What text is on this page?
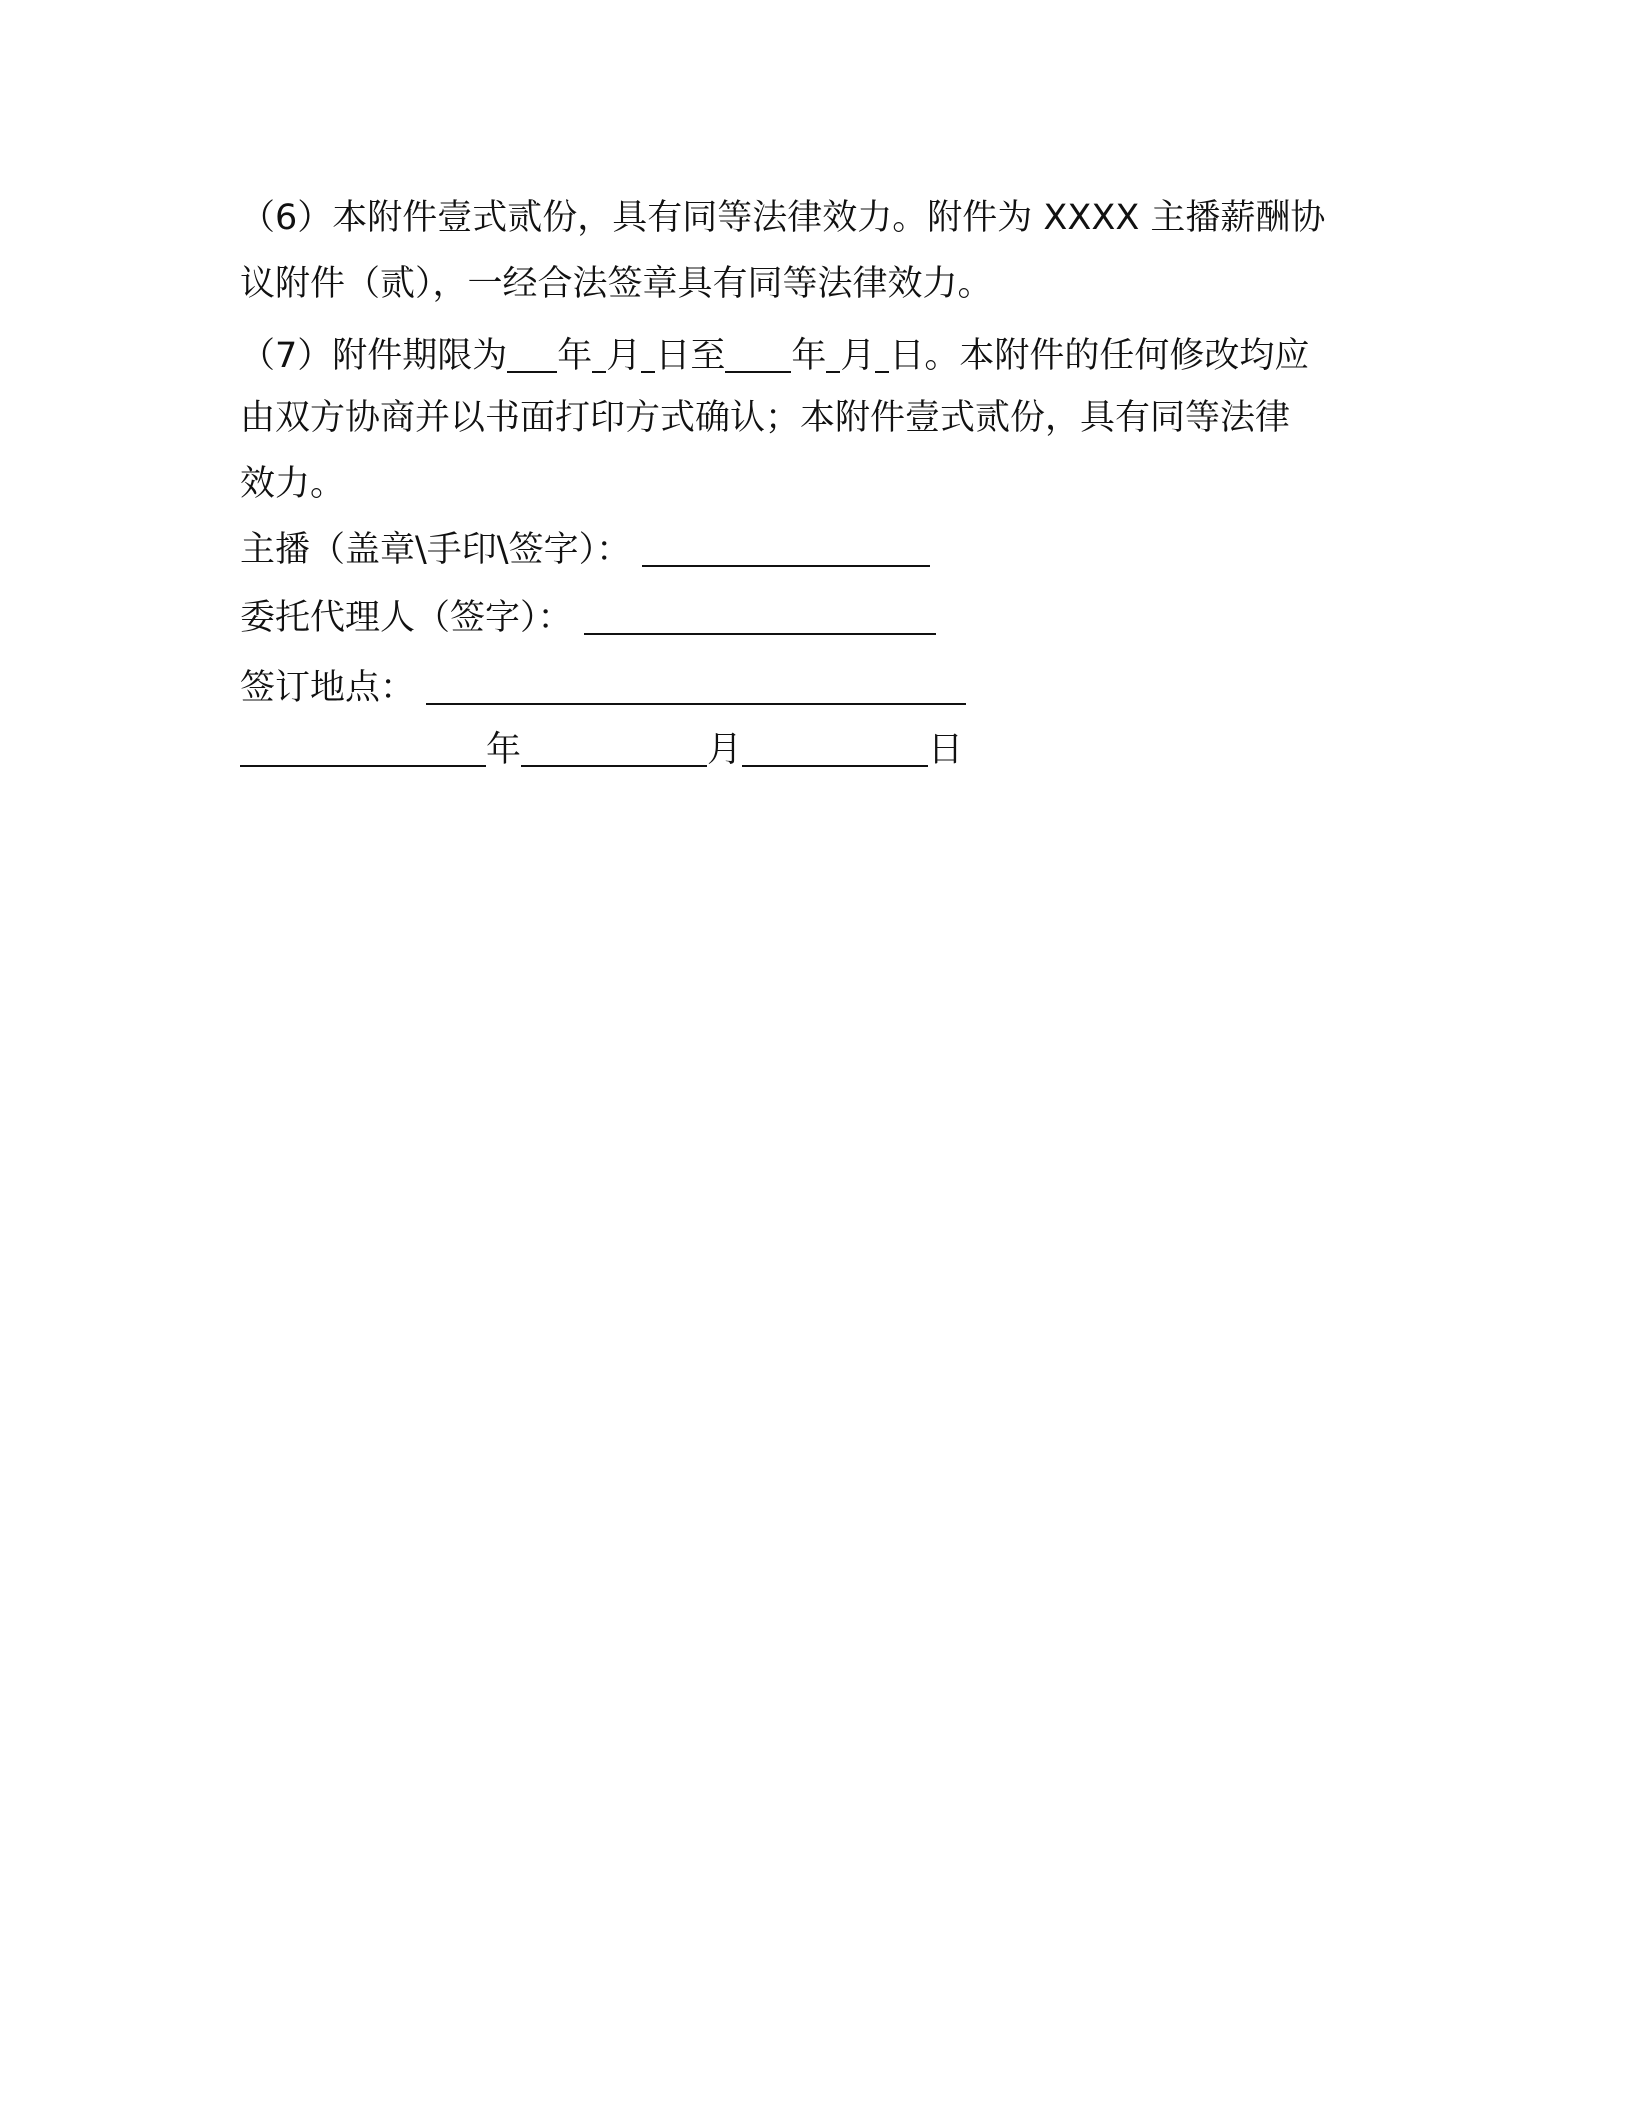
（6）本附件壹式贰份，具有同等法律效力。附件为 XXXX 主播薪酬协
议附件（贰），一经合法签章具有同等法律效力。
（7）附件期限为 年 月 日至 年 月 日。本附件的任何修改均应
由双方协商并以书面打印方式确认；本附件壹式贰份，具有同等法律
效力。
主播（盖章\手印\签字）：
委托代理人（签字）：
签订地点：
年	月	日
